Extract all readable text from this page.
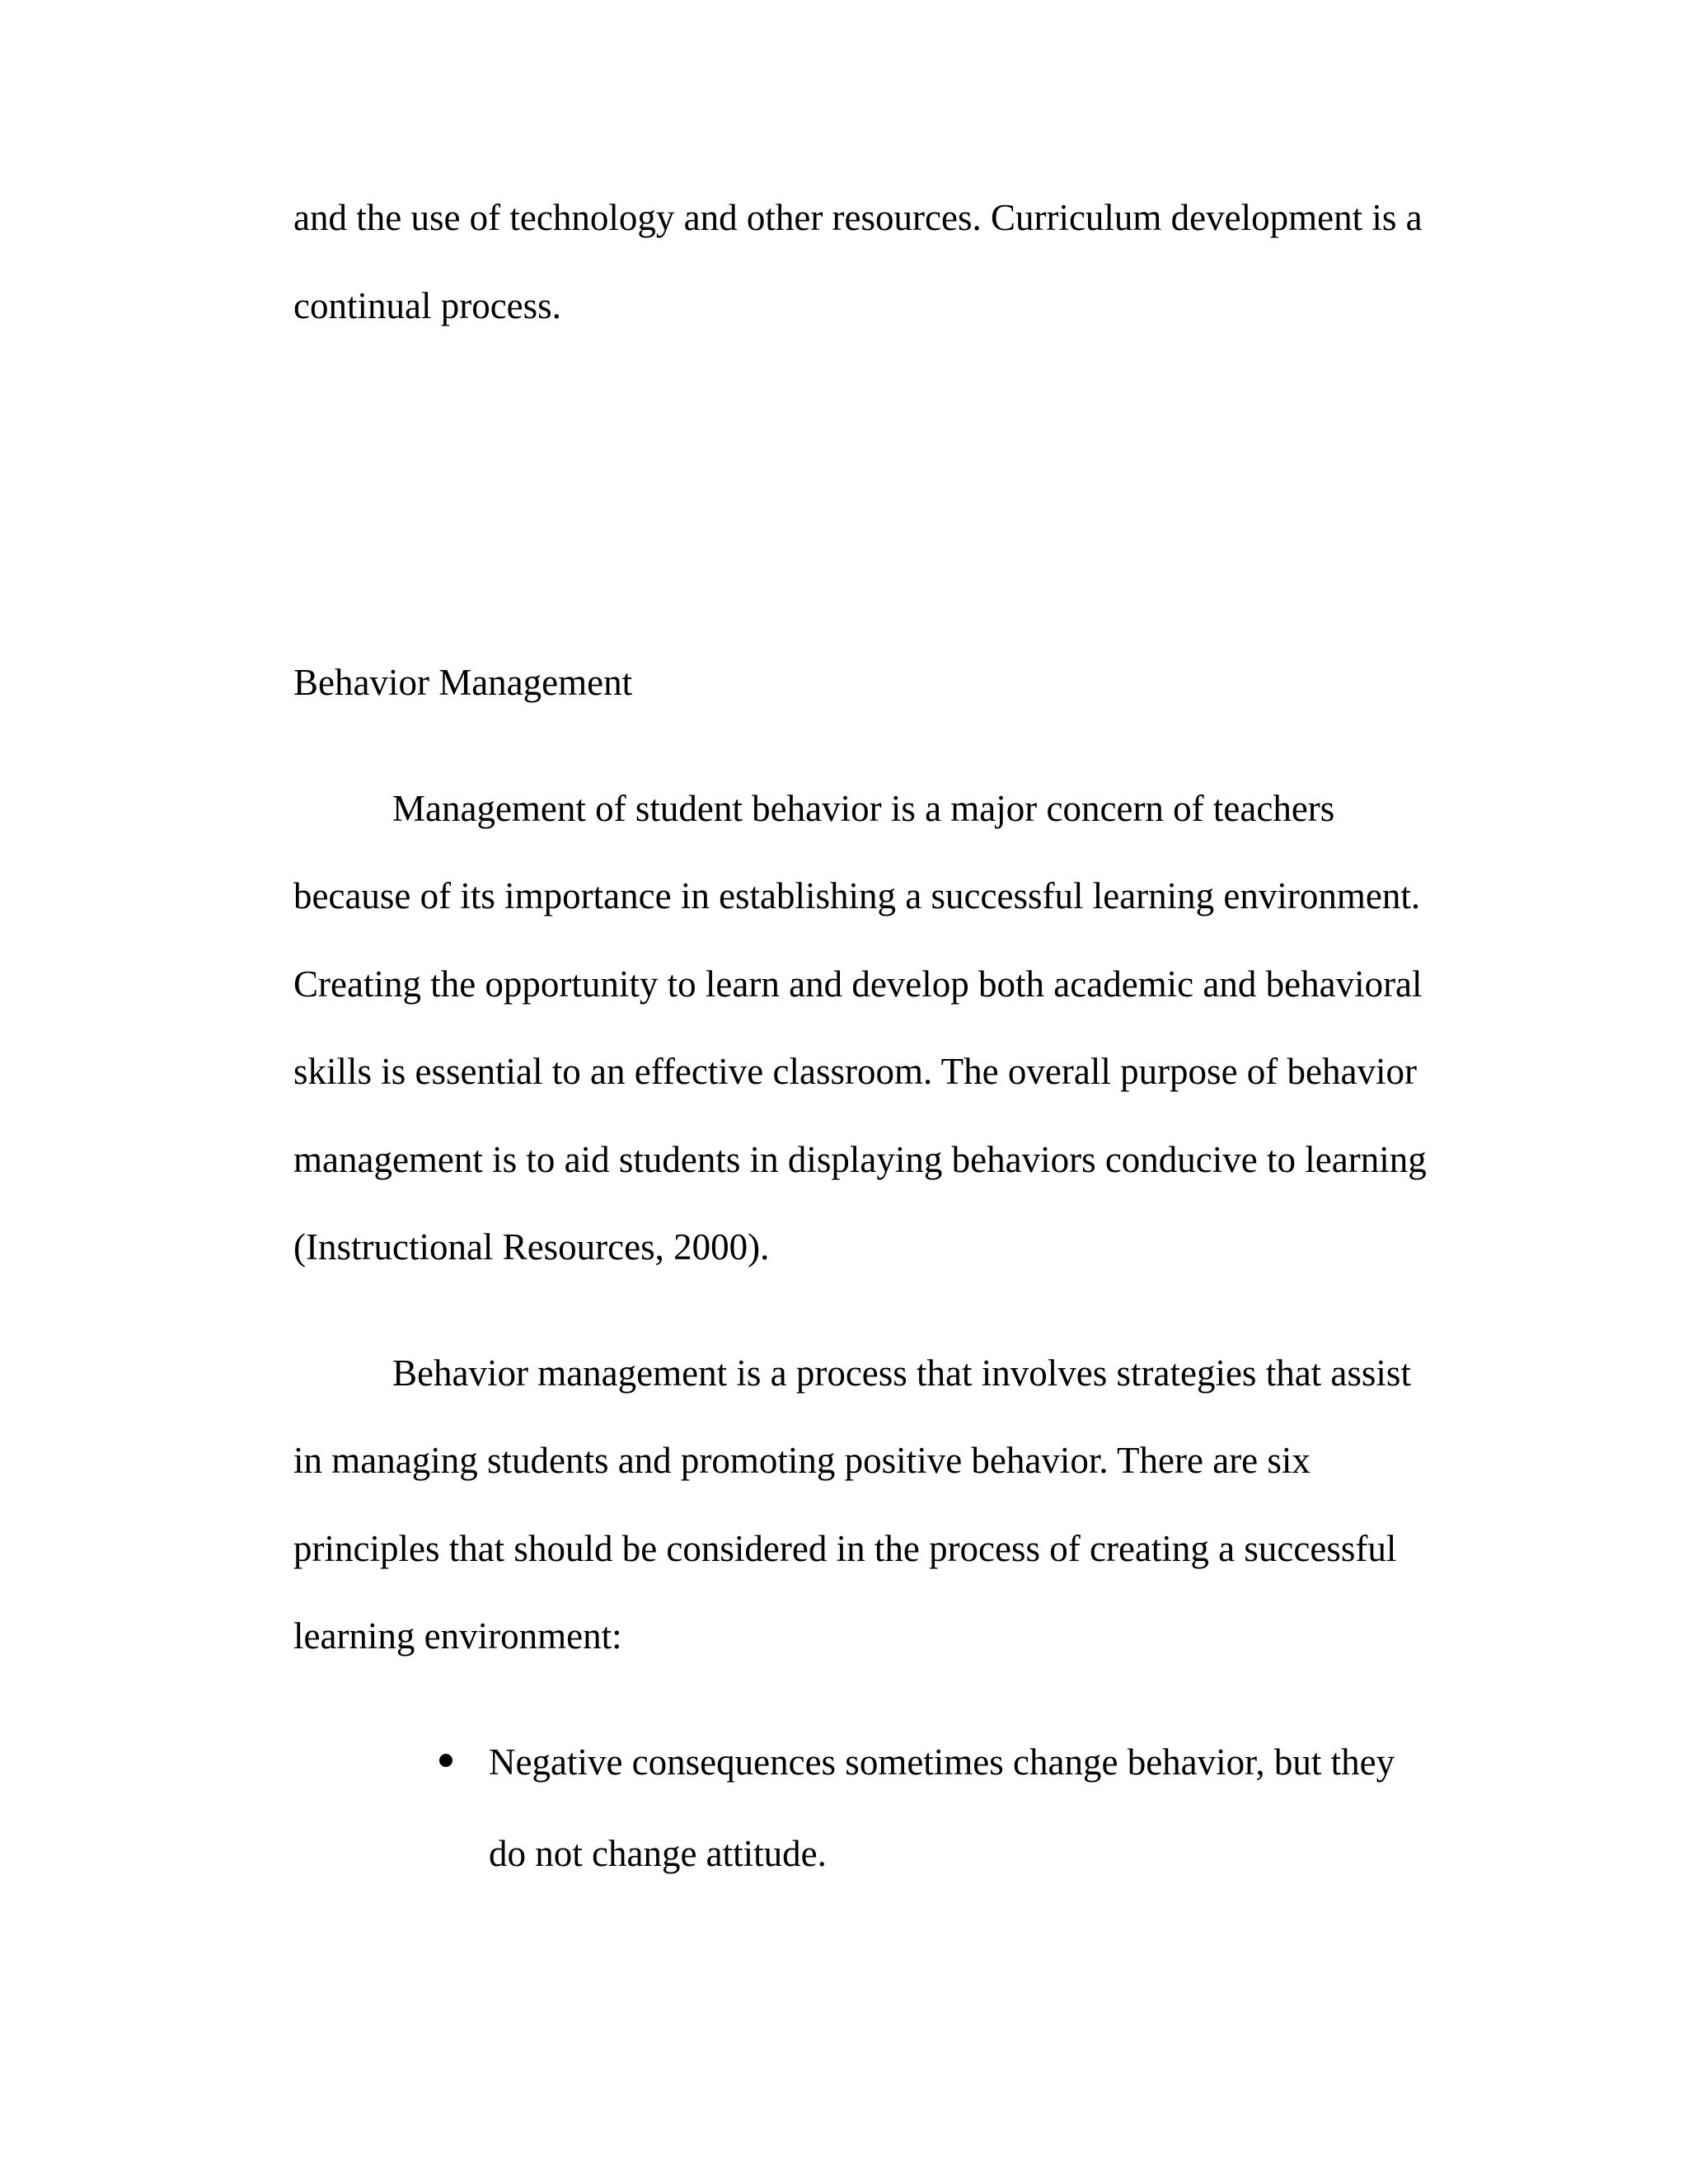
and the use of technology and other resources. Curriculum development is a
continual process.
Behavior Management
Management of student behavior is a major concern of teachers
because of its importance in establishing a successful learning environment.
Creating the opportunity to learn and develop both academic and behavioral
skills is essential to an effective classroom. The overall purpose of behavior
management is to aid students in displaying behaviors conducive to learning
(Instructional Resources, 2000).
Behavior management is a process that involves strategies that assist
in managing students and promoting positive behavior. There are six
principles that should be considered in the process of creating a successful
learning environment:
Negative consequences sometimes change behavior, but they
do not change attitude.
